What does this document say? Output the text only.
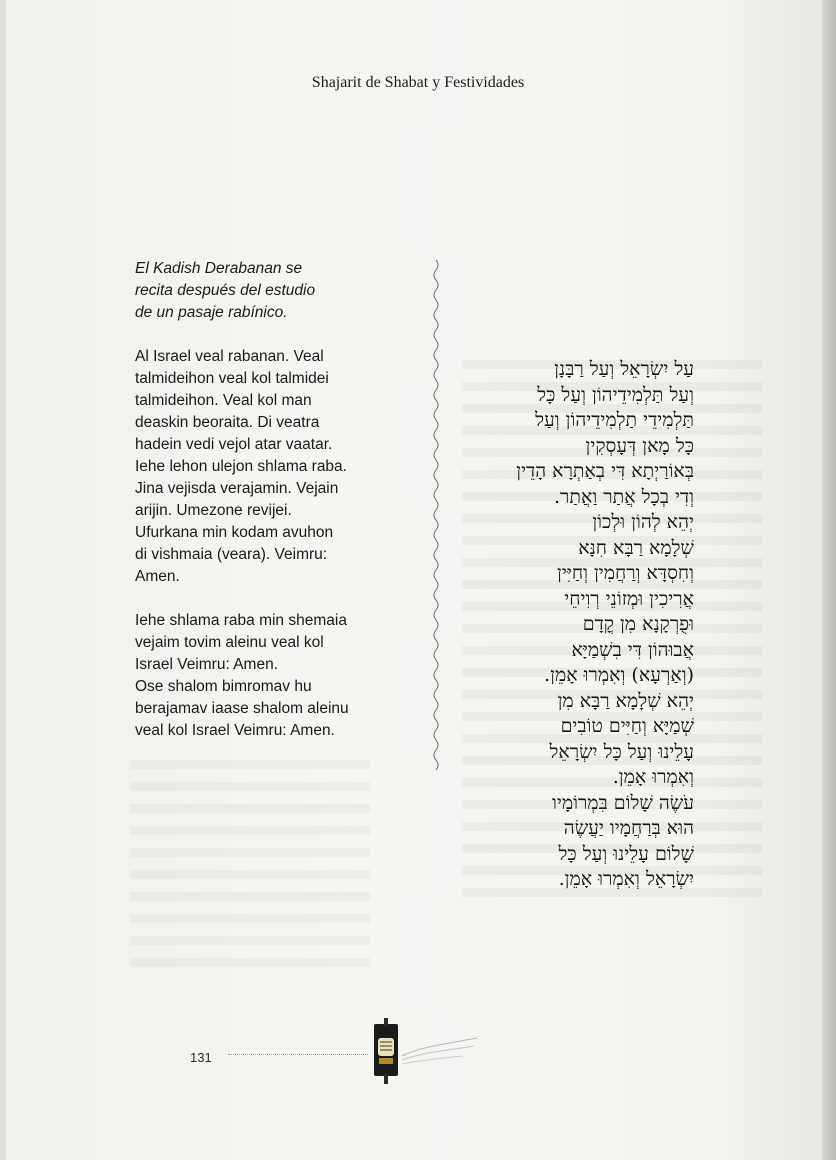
Shajarit de Shabat y Festividades

El Kadish Derabanan se
recita después del estudio
de un pasaje rabínico.

Al Israel veal rabanan. Veal
talmideihon veal kol talmidei
talmideihon. Veal kol man
deaskin beoraita. Di veatra
hadein vedi vejol atar vaatar.
Iehe lehon ulejon shlama raba.
Jina vejisda verajamin. Vejain
arijin. Umezone revijei.
Ufurkana min kodam avuhon
di vishmaia (veara). Veimru:
Amen.

Iehe shlama raba min shemaia
vejaim tovim aleinu veal kol
Israel Veimru: Amen.
Ose shalom bimromav hu
berajamav iaase shalom aleinu
veal kol Israel Veimru: Amen.

עַל יִשְׂרָאֵל וְעַל רַבָּנָן
וְעַל תַּלְמִידֵיהוֹן וְעַל כָּל
תַּלְמִידֵי תַלְמִידֵיהוֹן וְעַל
כָּל מָאן דְּעָסְקִין
בְּאוֹרַיְתָא דִּי בְאַתְרָא הָדֵין
וְדִי בְכָל אֲתַר וַאֲתַר.
יְהֵא לְהוֹן וּלְכוֹן
שְׁלָמָא רַבָּא חִנָּא
וְחִסְדָּא וְרַחֲמִין וְחַיִּין
אֲרִיכִין וּמְזוֹנֵי רְוִיחֵי
וּפֻרְקָנָא מִן קֳדָם
אֲבוּהוֹן דִּי בִשְׁמַיָּא
(וְאַרְעָא) וְאִמְרוּ אָמֵן.
יְהֵא שְׁלָמָא רַבָּא מִן
שְׁמַיָּא וְחַיִּים טוֹבִים
עָלֵינוּ וְעַל כָּל יִשְׂרָאֵל
וְאִמְרוּ אָמֵן.
עֹשֶׂה שָׁלוֹם בִּמְרוֹמָיו
הוּא בְּרַחֲמָיו יַעֲשֶׂה
שָׁלוֹם עָלֵינוּ וְעַל כָּל
יִשְׂרָאֵל וְאִמְרוּ אָמֵן.
131
